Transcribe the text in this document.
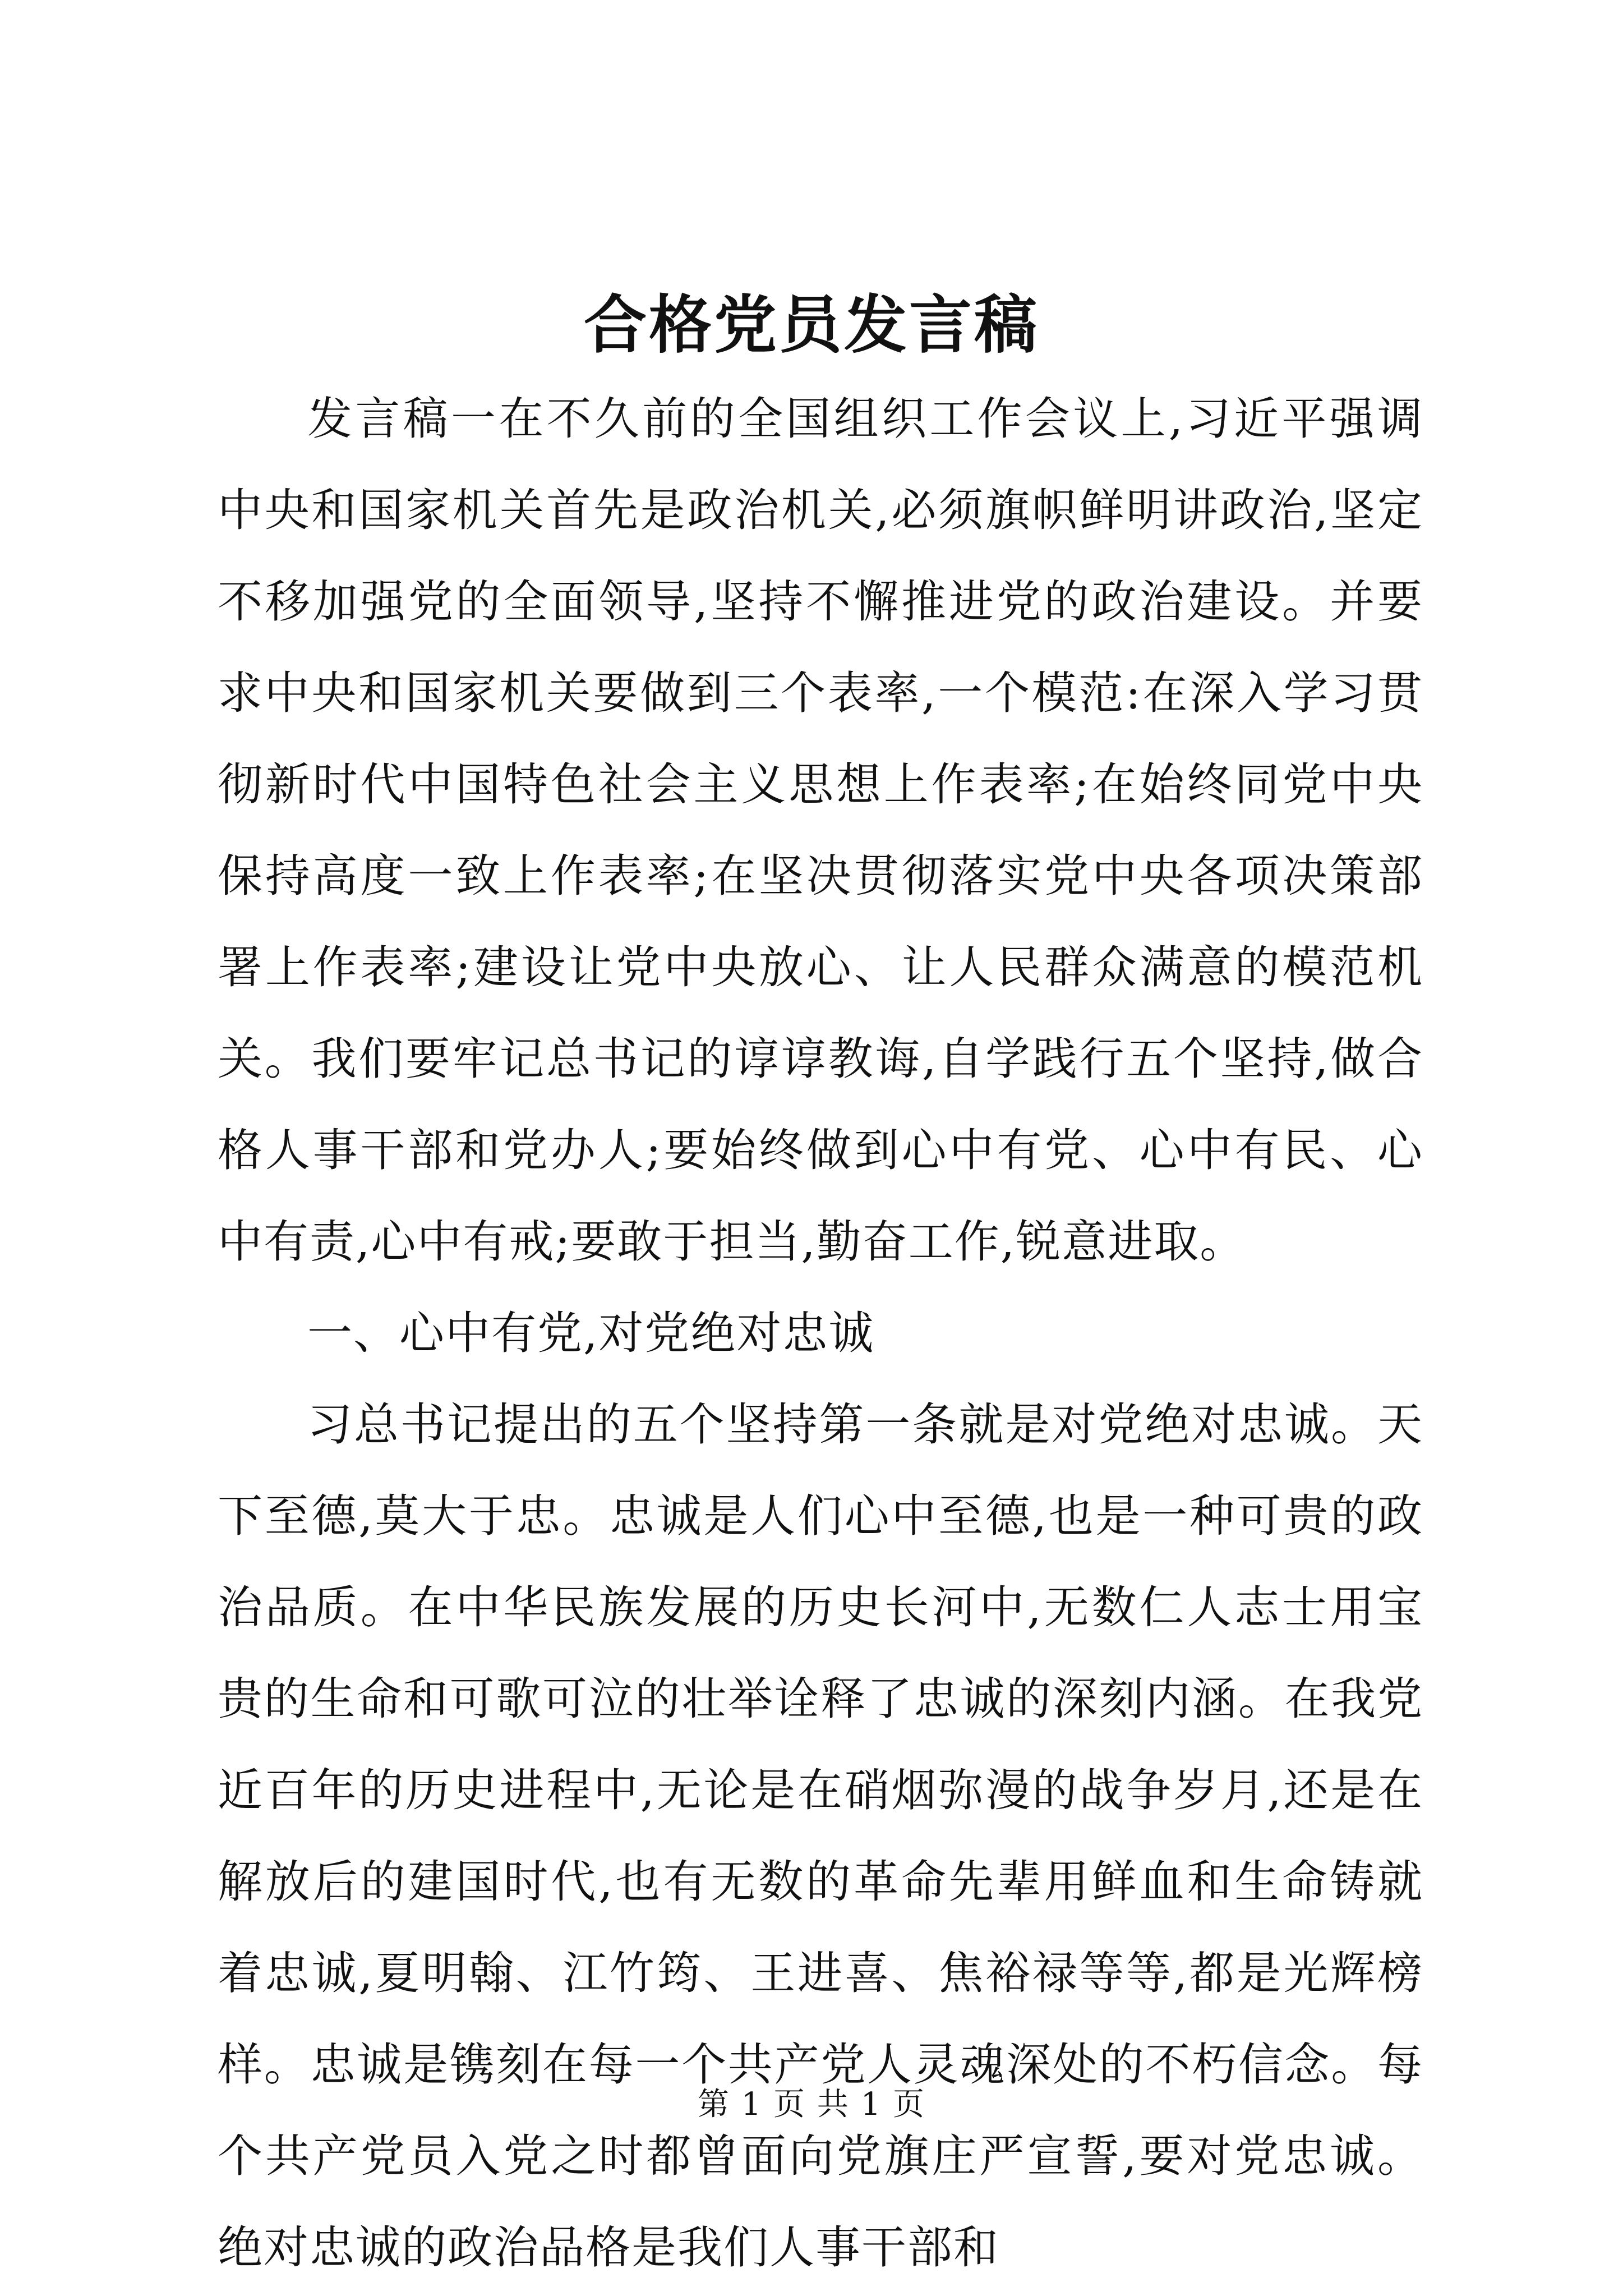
合格党员发言稿

发言稿一在不久前的全国组织工作会议上,习近平强调中央和国家机关首先是政治机关,必须旗帜鲜明讲政治,坚定不移加强党的全面领导,坚持不懈推进党的政治建设。并要求中央和国家机关要做到三个表率,一个模范:在深入学习贯彻新时代中国特色社会主义思想上作表率;在始终同党中央保持高度一致上作表率;在坚决贯彻落实党中央各项决策部署上作表率;建设让党中央放心、让人民群众满意的模范机关。我们要牢记总书记的谆谆教诲,自学践行五个坚持,做合格人事干部和党办人;要始终做到心中有党、心中有民、心中有责,心中有戒;要敢于担当,勤奋工作,锐意进取。

一、心中有党,对党绝对忠诚

习总书记提出的五个坚持第一条就是对党绝对忠诚。天下至德,莫大于忠。忠诚是人们心中至德,也是一种可贵的政治品质。在中华民族发展的历史长河中,无数仁人志士用宝贵的生命和可歌可泣的壮举诠释了忠诚的深刻内涵。在我党近百年的历史进程中,无论是在硝烟弥漫的战争岁月,还是在解放后的建国时代,也有无数的革命先辈用鲜血和生命铸就着忠诚,夏明翰、江竹筠、王进喜、焦裕禄等等,都是光辉榜样。忠诚是镌刻在每一个共产党人灵魂深处的不朽信念。每个共产党员入党之时都曾面向党旗庄严宣誓,要对党忠诚。绝对忠诚的政治品格是我们人事干部和

第 1 页 共 1 页
